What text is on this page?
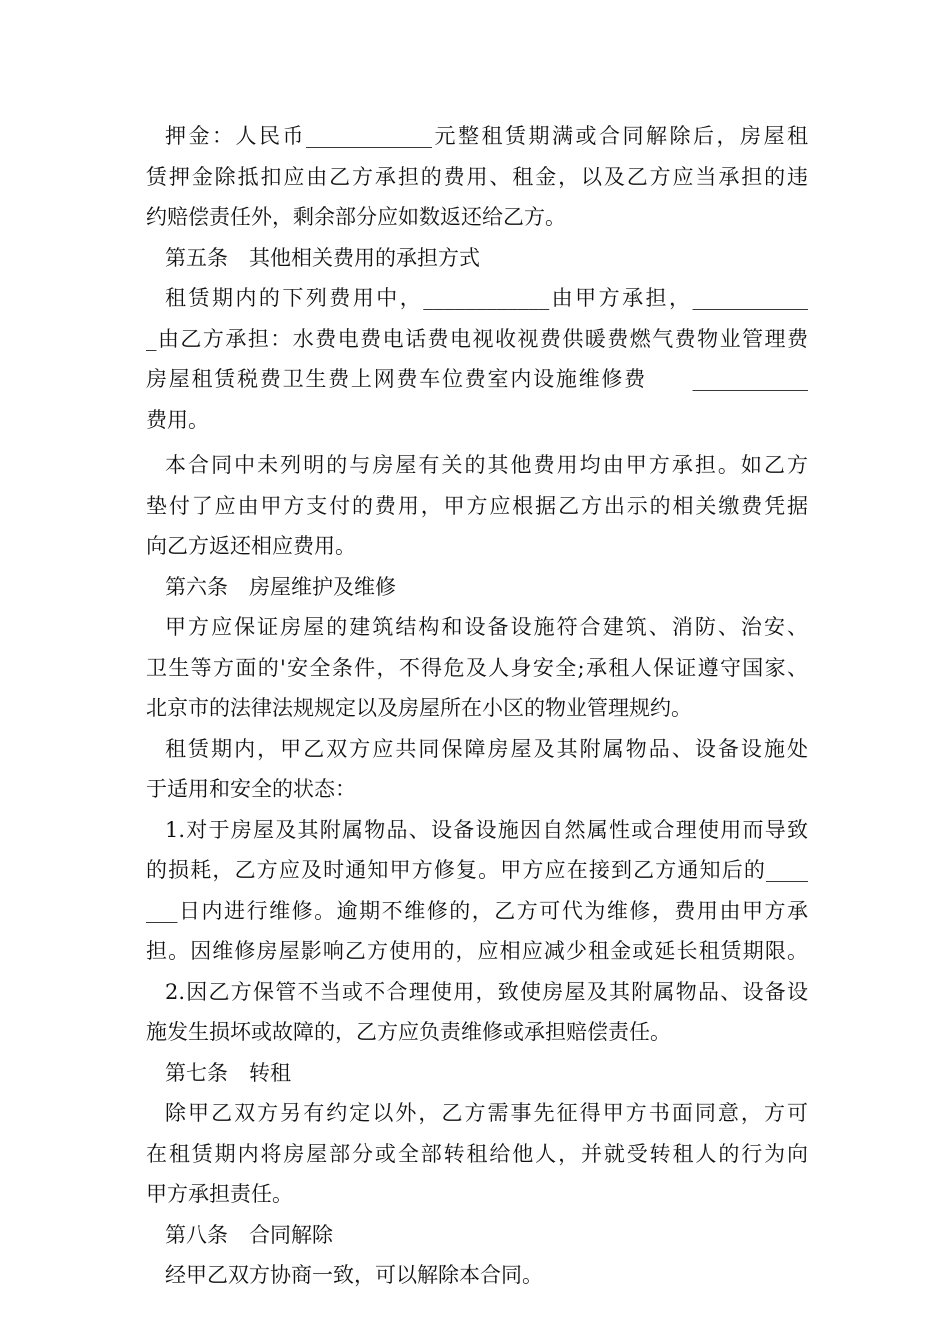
押金：人民币____________元整租赁期满或合同解除后，房屋租
赁押金除抵扣应由乙方承担的费用、租金，以及乙方应当承担的违
约赔偿责任外，剩余部分应如数返还给乙方。
第五条　其他相关费用的承担方式
租赁期内的下列费用中，____________由甲方承担，___________
_由乙方承担：水费电费电话费电视收视费供暖费燃气费物业管理费
房屋租赁税费卫生费上网费车位费室内设施维修费　　___________
费用。
本合同中未列明的与房屋有关的其他费用均由甲方承担。如乙方
垫付了应由甲方支付的费用，甲方应根据乙方出示的相关缴费凭据
向乙方返还相应费用。
第六条　房屋维护及维修
甲方应保证房屋的建筑结构和设备设施符合建筑、消防、治安、
卫生等方面的'安全条件，不得危及人身安全;承租人保证遵守国家、
北京市的法律法规规定以及房屋所在小区的物业管理规约。
租赁期内，甲乙双方应共同保障房屋及其附属物品、设备设施处
于适用和安全的状态：
1.对于房屋及其附属物品、设备设施因自然属性或合理使用而导致
的损耗，乙方应及时通知甲方修复。甲方应在接到乙方通知后的____
___日内进行维修。逾期不维修的，乙方可代为维修，费用由甲方承
担。因维修房屋影响乙方使用的，应相应减少租金或延长租赁期限。
2.因乙方保管不当或不合理使用，致使房屋及其附属物品、设备设
施发生损坏或故障的，乙方应负责维修或承担赔偿责任。
第七条　转租
除甲乙双方另有约定以外，乙方需事先征得甲方书面同意，方可
在租赁期内将房屋部分或全部转租给他人，并就受转租人的行为向
甲方承担责任。
第八条　合同解除
经甲乙双方协商一致，可以解除本合同。
